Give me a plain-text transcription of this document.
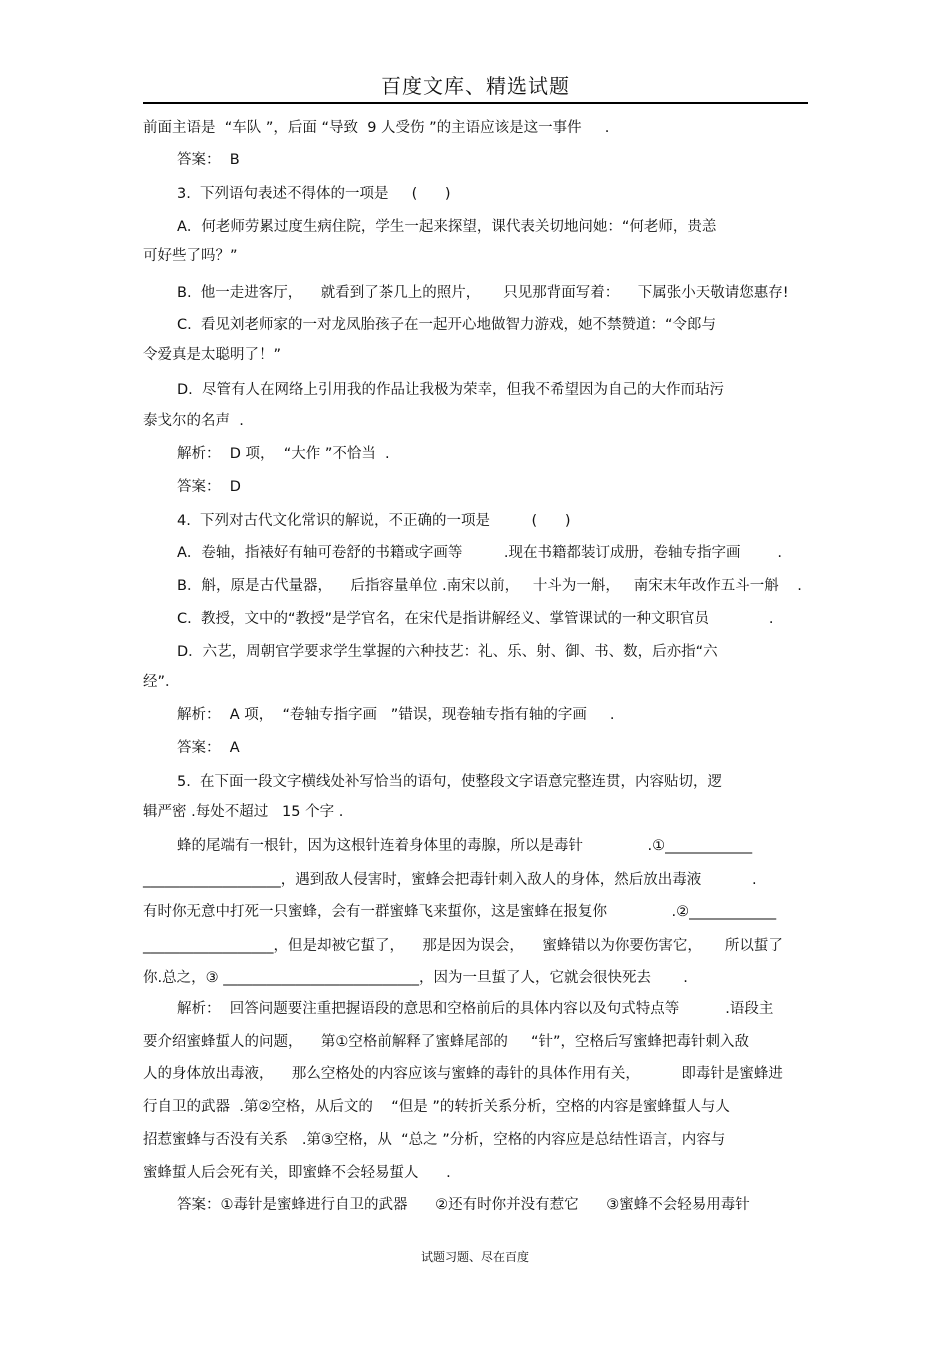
百度文库、精选试题
前面主语是  “车队 ”，后面 “导致  9 人受伤 ”的主语应该是这一事件     .
答案：  B
3.  下列语句表述不得体的一项是     (      )
A．何老师劳累过度生病住院，学生一起来探望，课代表关切地问她：“何老师，贵恙
可好些了吗？”
B.  他一走进客厅，    就看到了茶几上的照片，     只见那背面写着：    下属张小天敬请您惠存!
C.  看见刘老师家的一对龙凤胎孩子在一起开心地做智力游戏，她不禁赞道：“令郎与
令爱真是太聪明了！”
D.  尽管有人在网络上引用我的作品让我极为荣幸，但我不希望因为自己的大作而玷污
泰戈尔的名声  .
解析：  D 项，  “大作 ”不恰当  .
答案：  D
4.  下列对古代文化常识的解说，不正确的一项是         (      )
A．卷轴，指裱好有轴可卷舒的书籍或字画等         .现在书籍都装订成册，卷轴专指字画        .
B．斛，原是古代量器，    后指容量单位 .南宋以前，   十斗为一斛，   南宋末年改作五斗一斛    .
C.  教授，文中的“教授”是学官名，在宋代是指讲解经义、掌管课试的一种文职官员             .
D．六艺，周朝官学要求学生掌握的六种技艺：礼、乐、射、御、书、数，后亦指“六
经”．
解析：  A 项，  “卷轴专指字画   ”错误，现卷轴专指有轴的字画     .
答案：  A
5.  在下面一段文字横线处补写恰当的语句，使整段文字语意完整连贯，内容贴切，逻
辑严密 .每处不超过   15 个字 .
蜂的尾端有一根针，因为这根针连着身体里的毒腺，所以是毒针              .①____________
___________________，遇到敌人侵害时，蜜蜂会把毒针刺入敌人的身体，然后放出毒液           .
有时你无意中打死一只蜜蜂，会有一群蜜蜂飞来蜇你，这是蜜蜂在报复你              .②____________
__________________，但是却被它蜇了，    那是因为误会，    蜜蜂错以为你要伤害它，     所以蜇了
你.总之，③ ___________________________，因为一旦蜇了人，它就会很快死去       .
解析：  回答问题要注重把握语段的意思和空格前后的具体内容以及句式特点等          .语段主
要介绍蜜蜂蜇人的问题，    第①空格前解释了蜜蜂尾部的     “针”，空格后写蜜蜂把毒针刺入敌
人的身体放出毒液，    那么空格处的内容应该与蜜蜂的毒针的具体作用有关，         即毒针是蜜蜂进
行自卫的武器  .第②空格，从后文的    “但是 ”的转折关系分析，空格的内容是蜜蜂蜇人与人
招惹蜜蜂与否没有关系   .第③空格，从  “总之 ”分析，空格的内容应是总结性语言，内容与
蜜蜂蜇人后会死有关，即蜜蜂不会轻易蜇人      .
答案：①毒针是蜜蜂进行自卫的武器      ②还有时你并没有惹它      ③蜜蜂不会轻易用毒针
试题习题、尽在百度
